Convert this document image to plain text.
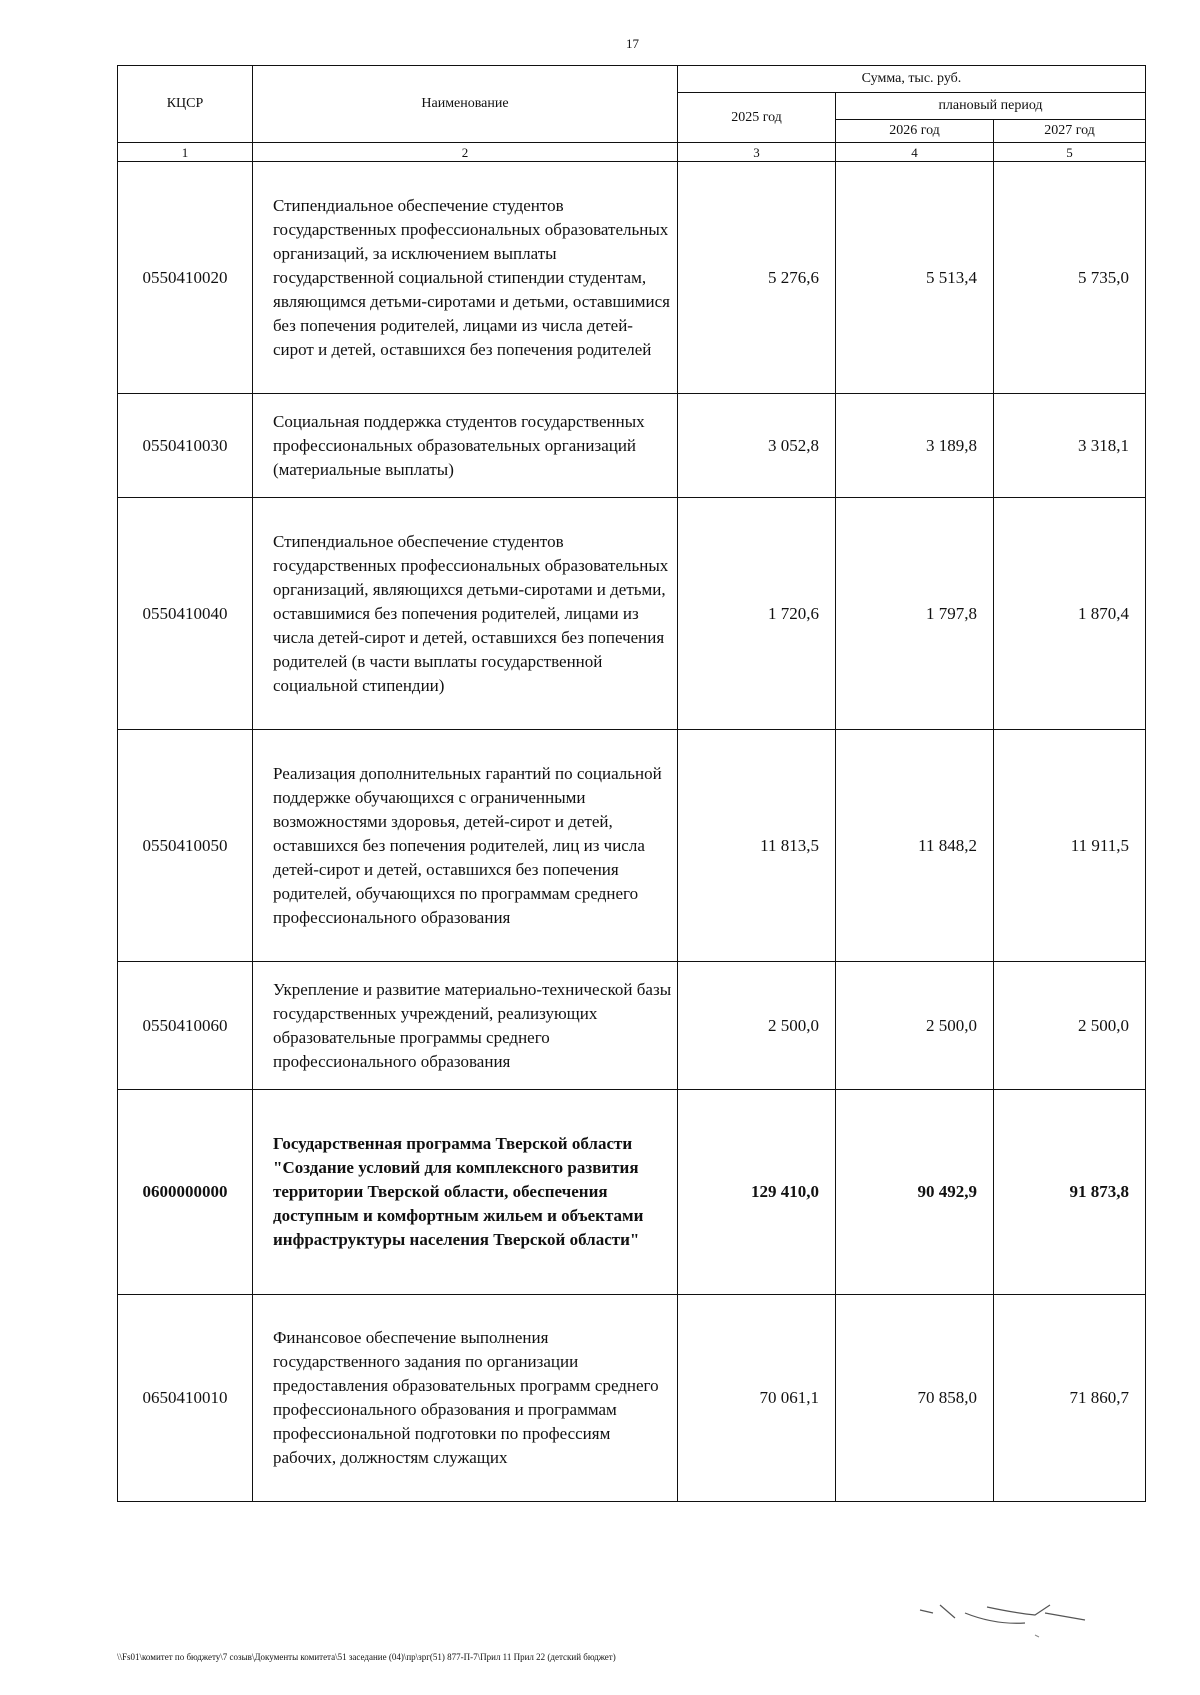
17
КЦСР	Наименование	Сумма, тыс. руб.		
		2025 год	плановый период	
			2026 год	2027 год
1	2	3	4	5
0550410020	Стипендиальное обеспечение студентов государственных профессиональных образовательных организаций, за исключением выплаты государственной социальной стипендии студентам, являющимся детьми-сиротами и детьми, оставшимися без попечения родителей, лицами из числа детей-сирот и детей, оставшихся без попечения родителей	5 276,6	5 513,4	5 735,0
0550410030	Социальная поддержка студентов государственных профессиональных образовательных организаций (материальные выплаты)	3 052,8	3 189,8	3 318,1
0550410040	Стипендиальное обеспечение студентов государственных профессиональных образовательных организаций, являющихся детьми-сиротами и детьми, оставшимися без попечения родителей, лицами из числа детей-сирот и детей, оставшихся без попечения родителей (в части выплаты государственной социальной стипендии)	1 720,6	1 797,8	1 870,4
0550410050	Реализация дополнительных гарантий по социальной поддержке обучающихся с ограниченными возможностями здоровья, детей-сирот и детей, оставшихся без попечения родителей, лиц из числа детей-сирот и детей, оставшихся без попечения родителей, обучающихся по программам среднего профессионального образования	11 813,5	11 848,2	11 911,5
0550410060	Укрепление и развитие материально-технической базы государственных учреждений, реализующих образовательные программы среднего профессионального образования	2 500,0	2 500,0	2 500,0
0600000000	Государственная программа Тверской области "Создание условий для комплексного развития территории Тверской области, обеспечения доступным и комфортным жильем и объектами инфраструктуры населения Тверской области"	129 410,0	90 492,9	91 873,8
0650410010	Финансовое обеспечение выполнения государственного задания по организации предоставления образовательных программ среднего профессионального образования и программам профессиональной подготовки по профессиям рабочих, должностям служащих	70 061,1	70 858,0	71 860,7
\\Fs01\комитет по бюджету\7 созыв\Документы комитета\51 заседание (04)\пр\зрг(51) 877-П-7\Прил 11 Прил 22 (детский бюджет)
